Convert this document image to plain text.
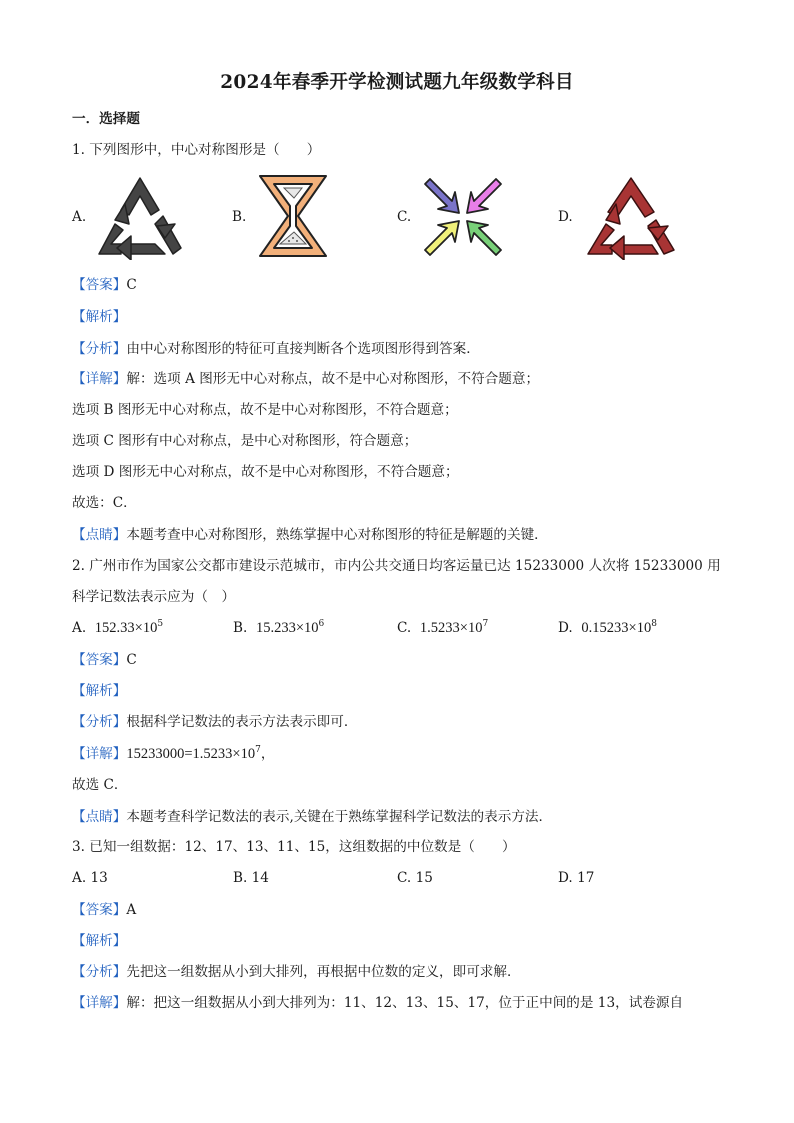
2024年春季开学检测试题九年级数学科目
一．选择题
1. 下列图形中，中心对称图形是（　　）
A.	B.	C.	D.
【答案】C
【解析】
【分析】由中心对称图形的特征可直接判断各个选项图形得到答案．
【详解】解：选项 A 图形无中心对称点，故不是中心对称图形，不符合题意；
选项 B 图形无中心对称点，故不是中心对称图形，不符合题意；
选项 C 图形有中心对称点，是中心对称图形，符合题意；
选项 D 图形无中心对称点，故不是中心对称图形，不符合题意；
故选：C．
【点睛】本题考查中心对称图形，熟练掌握中心对称图形的特征是解题的关键．
2. 广州市作为国家公交都市建设示范城市，市内公共交通日均客运量已达 15233000 人次将 15233000 用
科学记数法表示应为（　）
A. $152.33\times 10^5$	B. $15.233\times 10^6$	C. $1.5233\times 10^7$	D. $0.15233\times 10^8$
【答案】C
【解析】
【分析】根据科学记数法的表示方法表示即可．
【详解】$15233000=1.5233\times 10^7$，
故选 C．
【点睛】本题考查科学记数法的表示,关键在于熟练掌握科学记数法的表示方法．
3. 已知一组数据：12、17、13、11、15，这组数据的中位数是（　　）
A. 13	B. 14	C. 15	D. 17
【答案】A
【解析】
【分析】先把这一组数据从小到大排列，再根据中位数的定义，即可求解．
【详解】解：把这一组数据从小到大排列为：11、12、13、15、17，位于正中间的是 13，试卷源自
